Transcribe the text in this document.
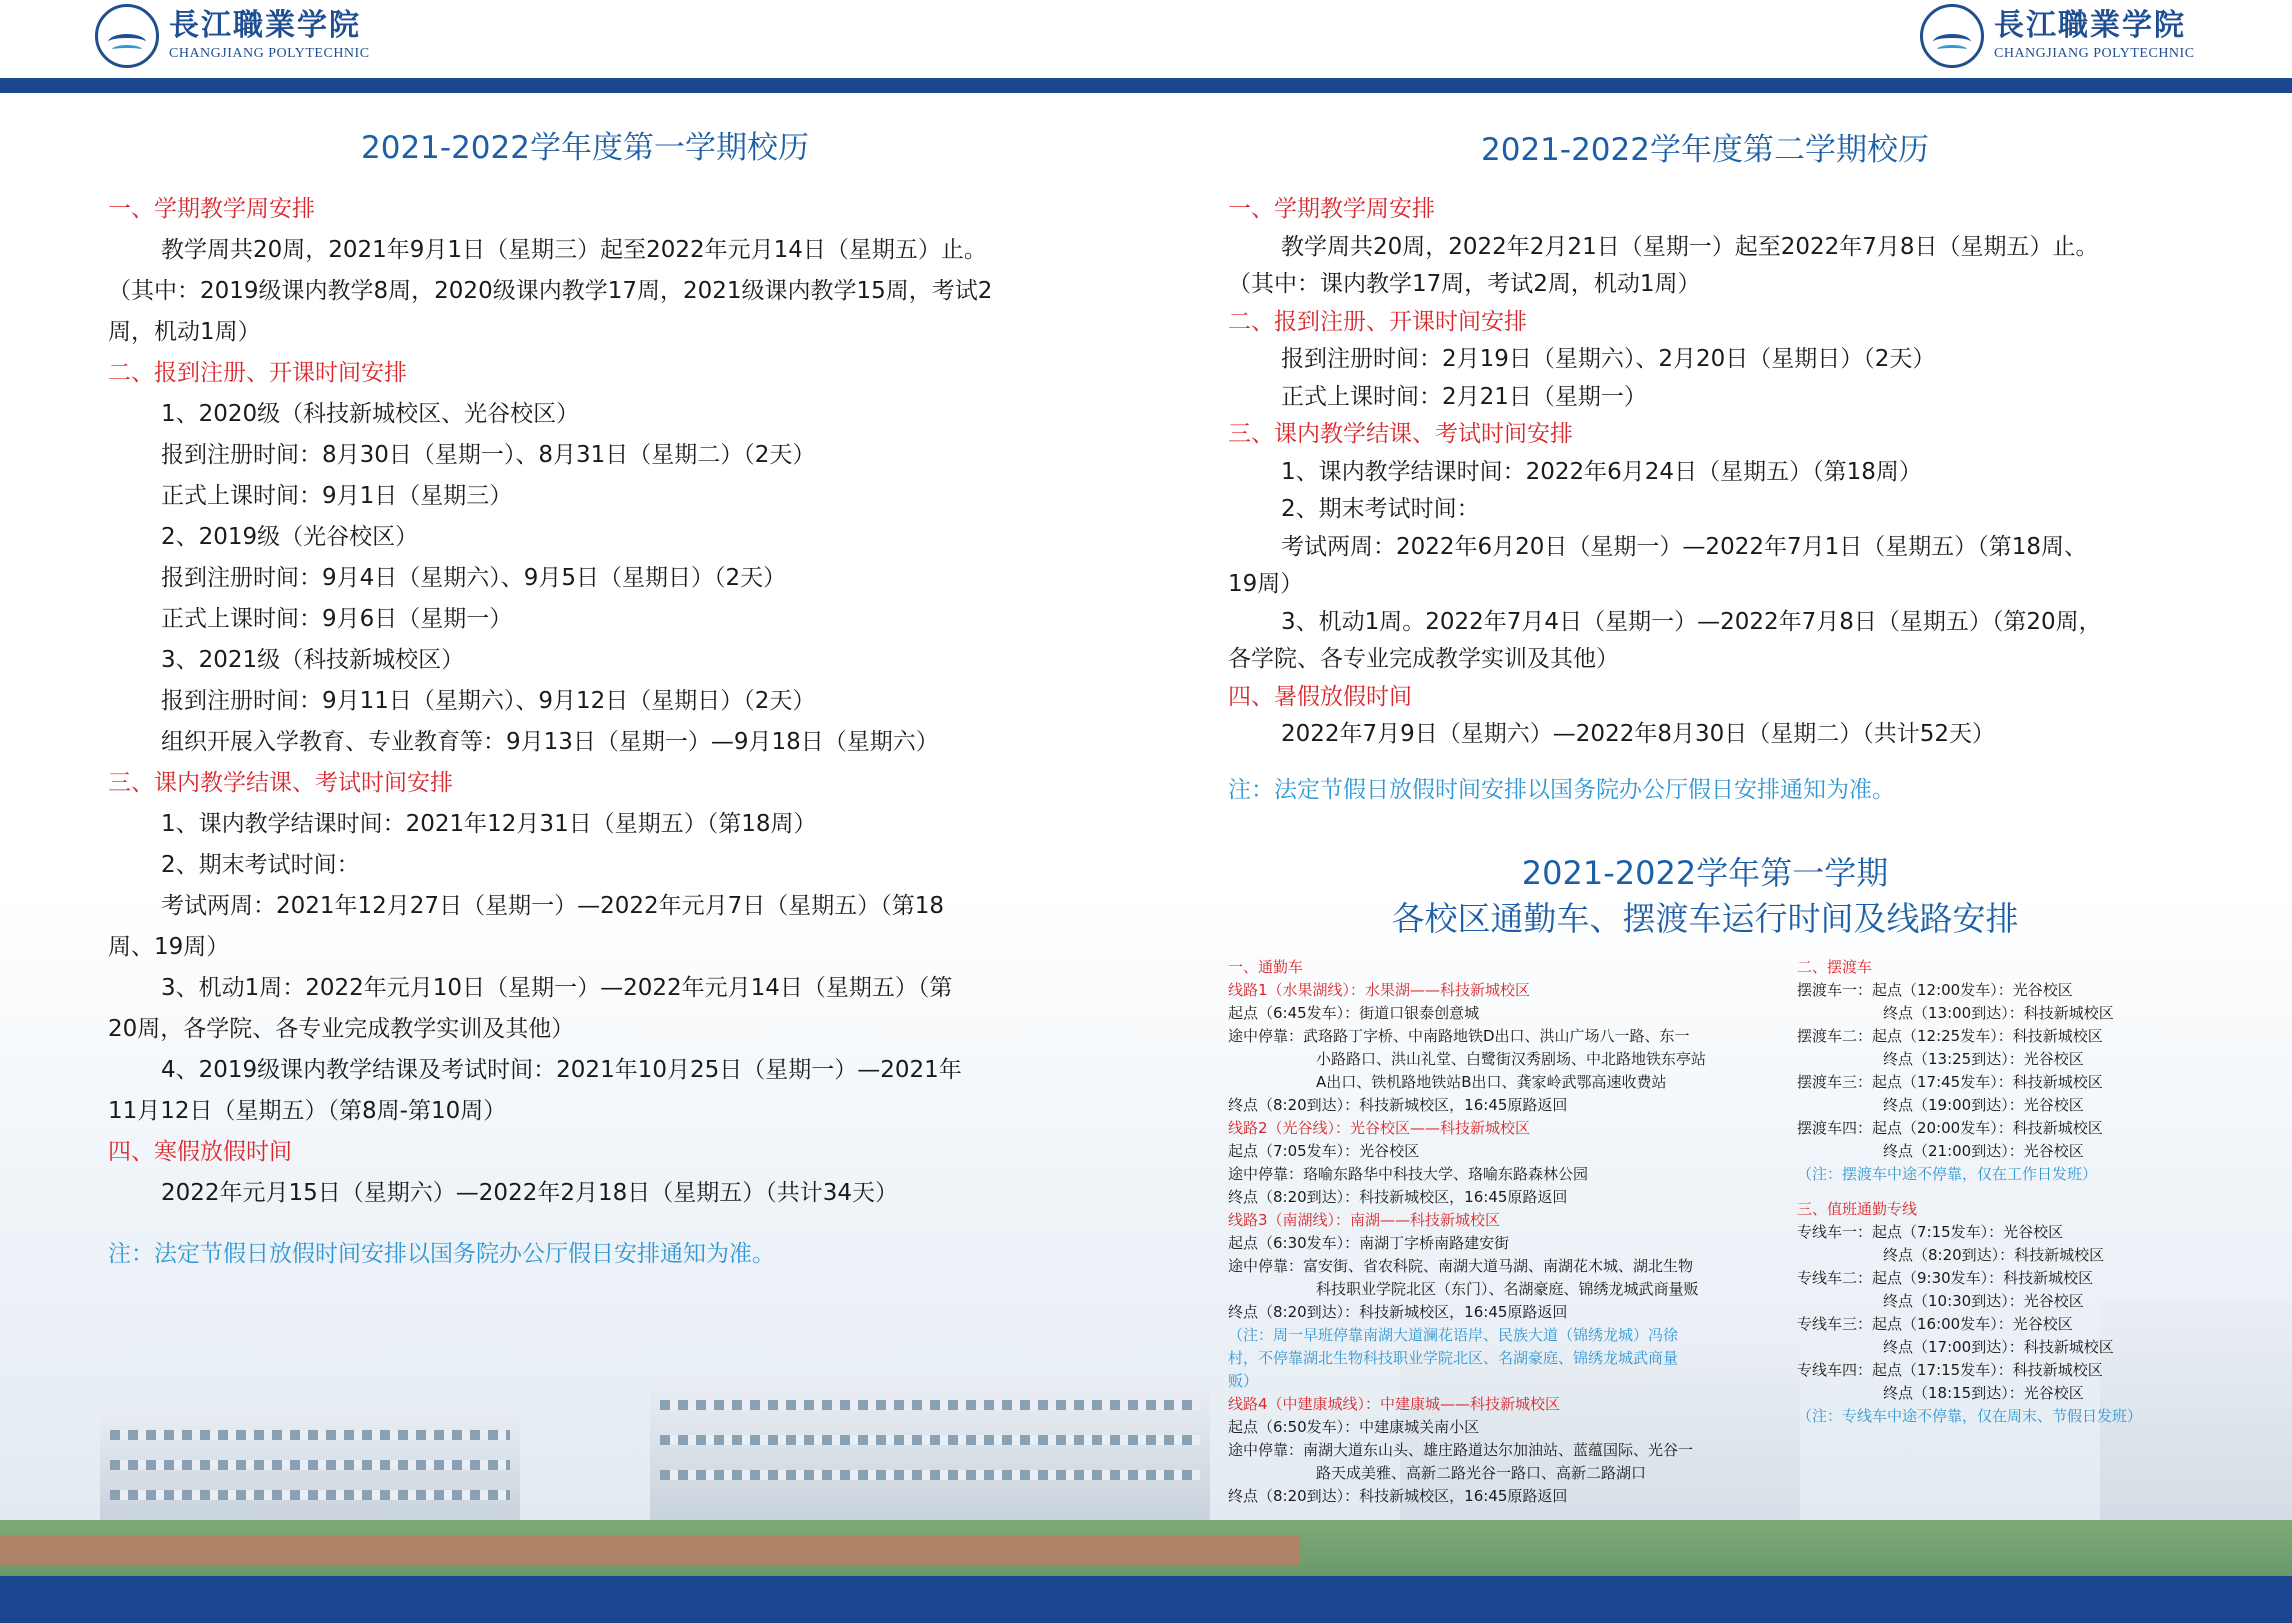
長江職業学院
CHANGJIANG POLYTECHNIC
長江職業学院
CHANGJIANG POLYTECHNIC
2021-2022学年度第一学期校历

一、学期教学周安排

教学周共20周，2021年9月1日（星期三）起至2022年元月14日（星期五）止。

（其中：2019级课内教学8周，2020级课内教学17周，2021级课内教学15周，考试2

周，机动1周）

二、报到注册、开课时间安排

1、2020级（科技新城校区、光谷校区）

报到注册时间：8月30日（星期一）、8月31日（星期二）（2天）

正式上课时间：9月1日（星期三）

2、2019级（光谷校区）

报到注册时间：9月4日（星期六）、9月5日（星期日）（2天）

正式上课时间：9月6日（星期一）

3、2021级（科技新城校区）

报到注册时间：9月11日（星期六）、9月12日（星期日）（2天）

组织开展入学教育、专业教育等：9月13日（星期一）—9月18日（星期六）

三、课内教学结课、考试时间安排

1、课内教学结课时间：2021年12月31日（星期五）（第18周）

2、期末考试时间：

考试两周：2021年12月27日（星期一）—2022年元月7日（星期五）（第18

周、19周）

3、机动1周：2022年元月10日（星期一）—2022年元月14日（星期五）（第

20周，各学院、各专业完成教学实训及其他）

4、2019级课内教学结课及考试时间：2021年10月25日（星期一）—2021年

11月12日（星期五）（第8周-第10周）

四、寒假放假时间

2022年元月15日（星期六）—2022年2月18日（星期五）（共计34天）

注：法定节假日放假时间安排以国务院办公厅假日安排通知为准。

2021-2022学年度第二学期校历

一、学期教学周安排

教学周共20周，2022年2月21日（星期一）起至2022年7月8日（星期五）止。

（其中：课内教学17周，考试2周，机动1周）

二、报到注册、开课时间安排

报到注册时间：2月19日（星期六）、2月20日（星期日）（2天）

正式上课时间：2月21日（星期一）

三、课内教学结课、考试时间安排

1、课内教学结课时间：2022年6月24日（星期五）（第18周）

2、期末考试时间：

考试两周：2022年6月20日（星期一）—2022年7月1日（星期五）（第18周、

19周）

3、机动1周。2022年7月4日（星期一）—2022年7月8日（星期五）（第20周，

各学院、各专业完成教学实训及其他）

四、暑假放假时间

2022年7月9日（星期六）—2022年8月30日（星期二）（共计52天）

注：法定节假日放假时间安排以国务院办公厅假日安排通知为准。

2021-2022学年第一学期
各校区通勤车、摆渡车运行时间及线路安排

一、通勤车

线路1（水果湖线）：水果湖——科技新城校区

起点（6:45发车）：街道口银泰创意城

途中停靠：武珞路丁字桥、中南路地铁D出口、洪山广场八一路、东一

小路路口、洪山礼堂、白鹭街汉秀剧场、中北路地铁东亭站

A出口、铁机路地铁站B出口、龚家岭武鄂高速收费站

终点（8:20到达）：科技新城校区，16:45原路返回

线路2（光谷线）：光谷校区——科技新城校区

起点（7:05发车）：光谷校区

途中停靠：珞喻东路华中科技大学、珞喻东路森林公园

终点（8:20到达）：科技新城校区，16:45原路返回

线路3（南湖线）：南湖——科技新城校区

起点（6:30发车）：南湖丁字桥南路建安街

途中停靠：富安街、省农科院、南湖大道马湖、南湖花木城、湖北生物

科技职业学院北区（东门）、名湖豪庭、锦绣龙城武商量贩

终点（8:20到达）：科技新城校区，16:45原路返回

（注：周一早班停靠南湖大道澜花语岸、民族大道（锦绣龙城）冯徐

村，不停靠湖北生物科技职业学院北区、名湖豪庭、锦绣龙城武商量

贩）

线路4（中建康城线）：中建康城——科技新城校区

起点（6:50发车）：中建康城关南小区

途中停靠：南湖大道东山头、雄庄路道达尔加油站、蓝蕴国际、光谷一

路天成美雅、高新二路光谷一路口、高新二路湖口

终点（8:20到达）：科技新城校区，16:45原路返回

二、摆渡车

摆渡车一：起点（12:00发车）：光谷校区

终点（13:00到达）：科技新城校区

摆渡车二：起点（12:25发车）：科技新城校区

终点（13:25到达）：光谷校区

摆渡车三：起点（17:45发车）：科技新城校区

终点（19:00到达）：光谷校区

摆渡车四：起点（20:00发车）：科技新城校区

终点（21:00到达）：光谷校区

（注：摆渡车中途不停靠，仅在工作日发班）

三、值班通勤专线

专线车一：起点（7:15发车）：光谷校区

终点（8:20到达）：科技新城校区

专线车二：起点（9:30发车）：科技新城校区

终点（10:30到达）：光谷校区

专线车三：起点（16:00发车）：光谷校区

终点（17:00到达）：科技新城校区

专线车四：起点（17:15发车）：科技新城校区

终点（18:15到达）：光谷校区

（注：专线车中途不停靠，仅在周末、节假日发班）
